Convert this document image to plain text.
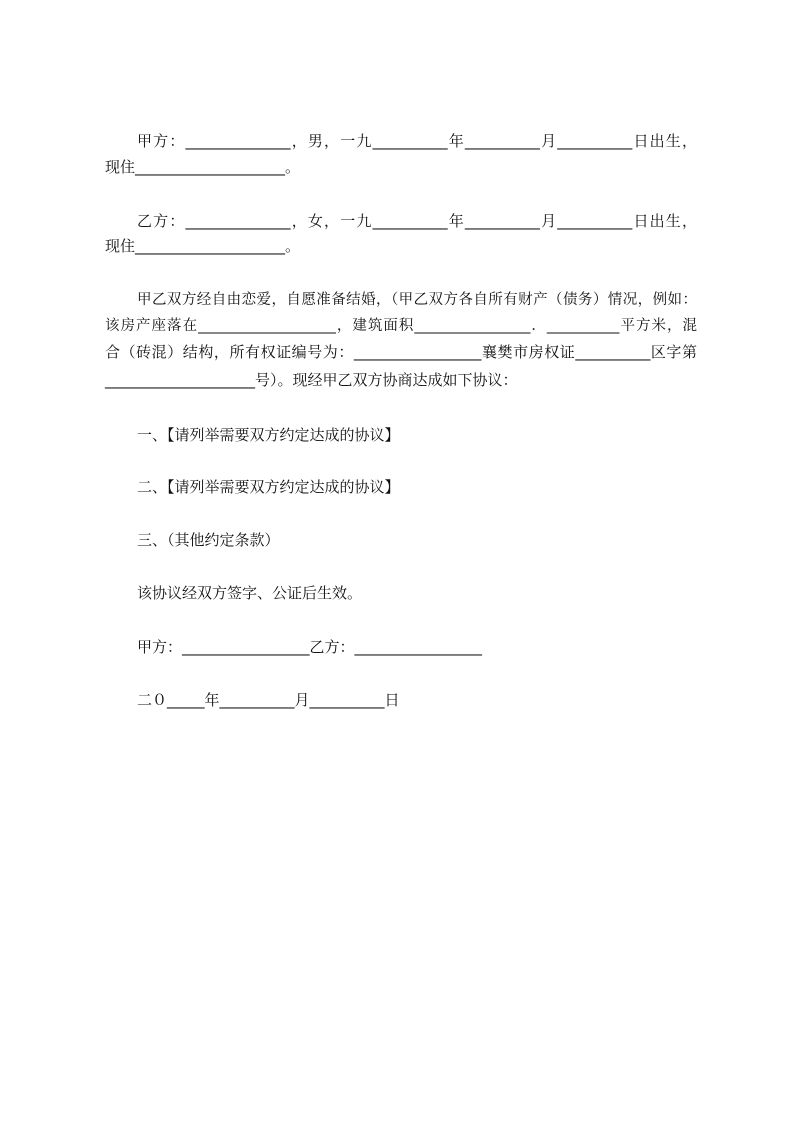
甲方：______________，男，一九__________年__________月__________日出生，
现住____________________。
乙方：______________，女，一九__________年__________月__________日出生，
现住____________________。
甲乙双方经自由恋爱，自愿准备结婚，（甲乙双方各自所有财产（债务）情况，例如：
该房产座落在___________________，建筑面积________________．__________平方米，混
合（砖混）结构，所有权证编号为：_________________襄樊市房权证__________区字第
____________________号）。现经甲乙双方协商达成如下协议：
一、【请列举需要双方约定达成的协议】
二、【请列举需要双方约定达成的协议】
三、（其他约定条款）
该协议经双方签字、公证后生效。
甲方：_________________乙方：_________________
二０_____年__________月__________日
